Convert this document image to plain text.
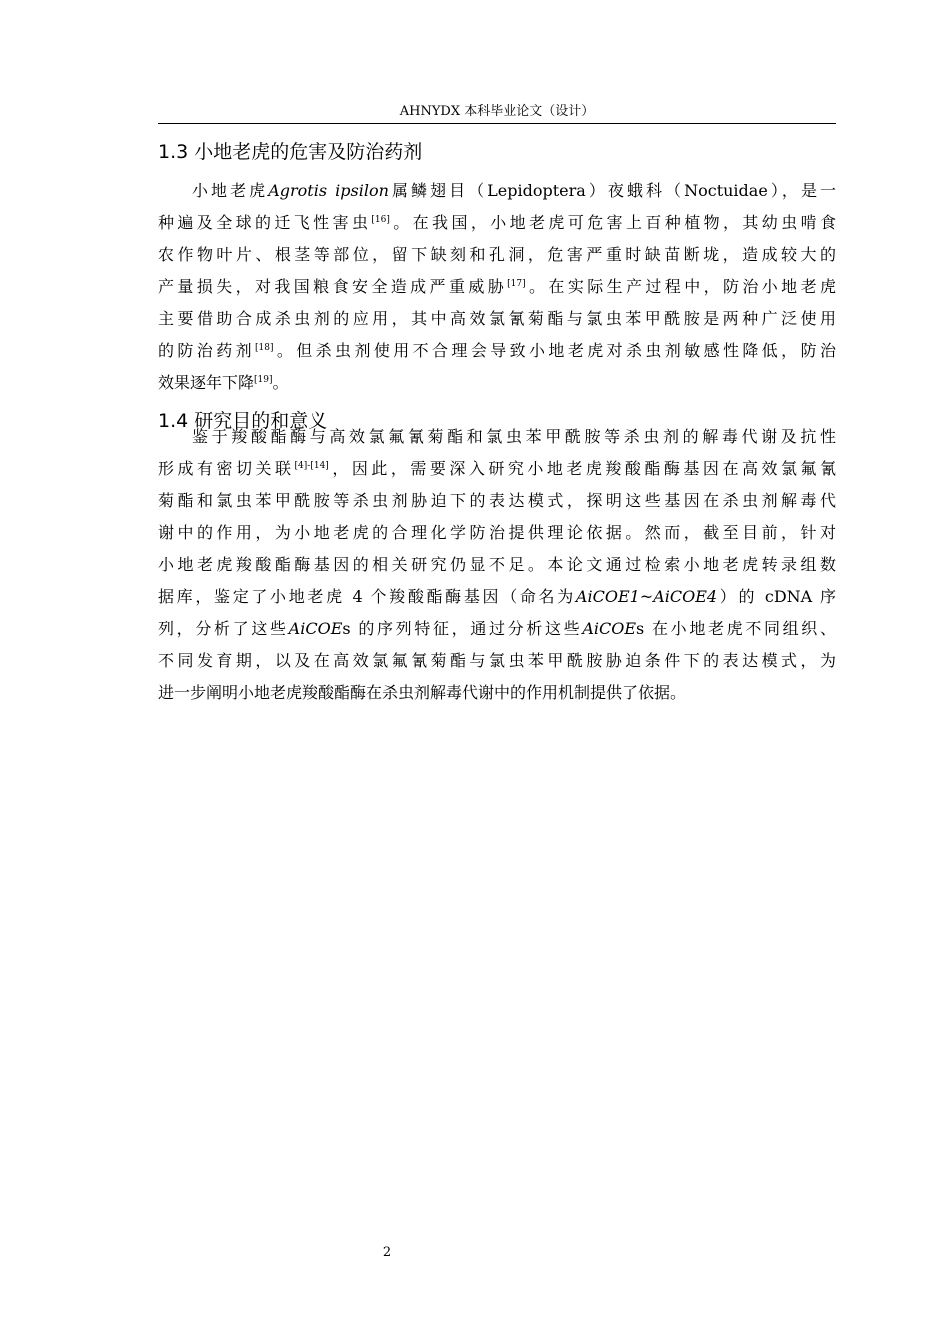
AHNYDX 本科毕业论文（设计）
1.3 小地老虎的危害及防治药剂
小地老虎Agrotis ipsilon属鳞翅目（Lepidoptera）夜蛾科（Noctuidae），是一
种遍及全球的迁飞性害虫[16]。在我国，小地老虎可危害上百种植物，其幼虫啃食
农作物叶片、根茎等部位，留下缺刻和孔洞，危害严重时缺苗断垅，造成较大的
产量损失，对我国粮食安全造成严重威胁[17]。在实际生产过程中，防治小地老虎
主要借助合成杀虫剂的应用，其中高效氯氰菊酯与氯虫苯甲酰胺是两种广泛使用
的防治药剂[18]。但杀虫剂使用不合理会导致小地老虎对杀虫剂敏感性降低，防治
效果逐年下降[19]。
1.4 研究目的和意义
鉴于羧酸酯酶与高效氯氟氰菊酯和氯虫苯甲酰胺等杀虫剂的解毒代谢及抗性
形成有密切关联[4]-[14]，因此，需要深入研究小地老虎羧酸酯酶基因在高效氯氟氰
菊酯和氯虫苯甲酰胺等杀虫剂胁迫下的表达模式，探明这些基因在杀虫剂解毒代
谢中的作用，为小地老虎的合理化学防治提供理论依据。然而，截至目前，针对
小地老虎羧酸酯酶基因的相关研究仍显不足。本论文通过检索小地老虎转录组数
据库，鉴定了小地老虎 4 个羧酸酯酶基因（命名为AiCOE1~AiCOE4）的 cDNA 序
列，分析了这些AiCOEs 的序列特征，通过分析这些AiCOEs 在小地老虎不同组织、
不同发育期，以及在高效氯氟氰菊酯与氯虫苯甲酰胺胁迫条件下的表达模式，为
进一步阐明小地老虎羧酸酯酶在杀虫剂解毒代谢中的作用机制提供了依据。
2
